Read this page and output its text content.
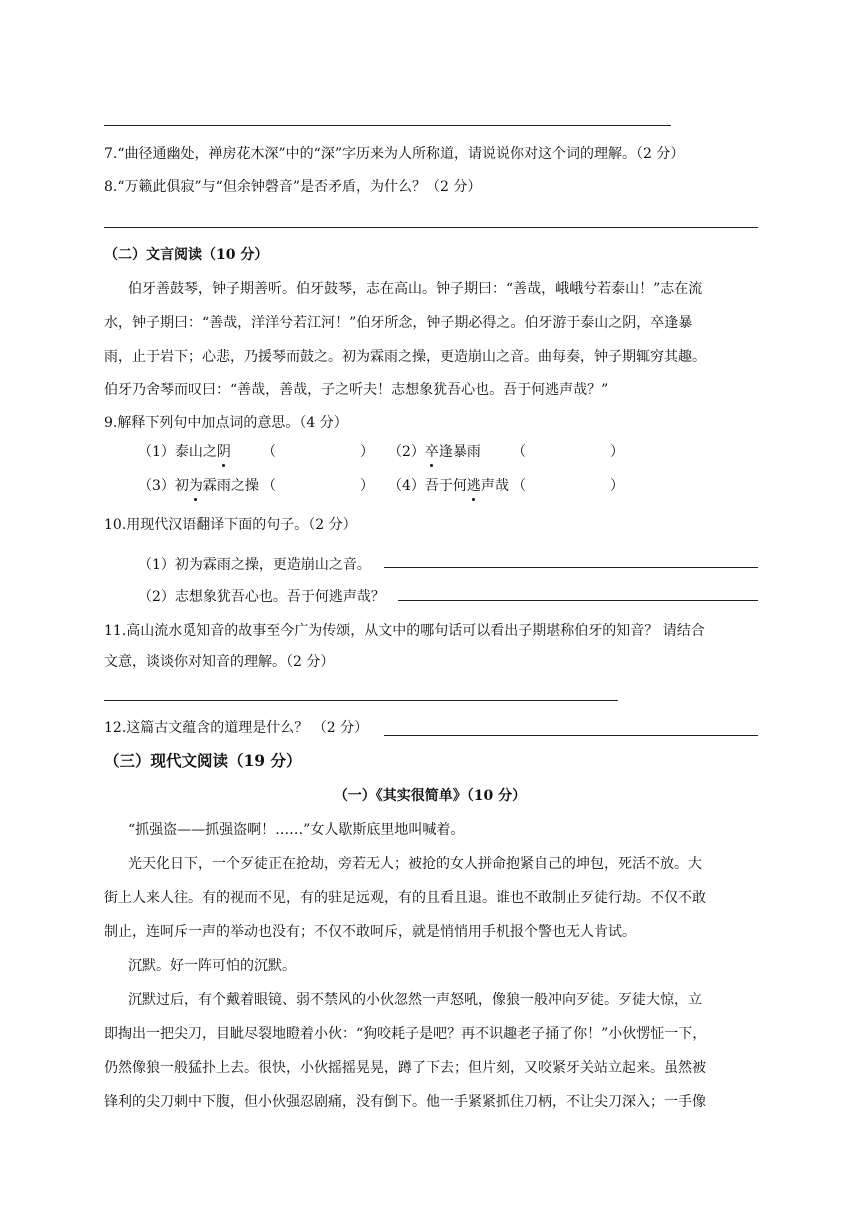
7.“曲径通幽处，禅房花木深”中的“深”字历来为人所称道，请说说你对这个词的理解。（2 分）
8.“万籁此俱寂”与“但余钟磬音”是否矛盾，为什么？（2 分）
（二）文言阅读（10 分）
伯牙善鼓琴，钟子期善听。伯牙鼓琴，志在高山。钟子期曰：“善哉，峨峨兮若泰山！”志在流
水，钟子期曰：“善哉，洋洋兮若江河！”伯牙所念，钟子期必得之。伯牙游于泰山之阴，卒逢暴
雨，止于岩下；心悲，乃援琴而鼓之。初为霖雨之操，更造崩山之音。曲每奏，钟子期辄穷其趣。
伯牙乃舍琴而叹曰：“善哉，善哉，子之听夫！志想象犹吾心也。吾于何逃声哉？”
9.解释下列句中加点词的意思。（4 分）
（1）泰山之阴 （　　　　　　） （2）卒逢暴雨 （　　　　　　）
（3）初为霖雨之操 （　　　　　　） （4）吾于何逃声哉 （　　　　　　）
10.用现代汉语翻译下面的句子。（2 分）
（1）初为霖雨之操，更造崩山之音。
（2）志想象犹吾心也。吾于何逃声哉？
11.高山流水觅知音的故事至今广为传颂，从文中的哪句话可以看出子期堪称伯牙的知音？ 请结合
文意，谈谈你对知音的理解。（2 分）
12.这篇古文蕴含的道理是什么？ （2 分）
（三）现代文阅读（19 分）
（一）《其实很简单》（10 分）
“抓强盗——抓强盗啊！……”女人歇斯底里地叫喊着。
光天化日下，一个歹徒正在抢劫，旁若无人；被抢的女人拼命抱紧自己的坤包，死活不放。大
街上人来人往。有的视而不见，有的驻足远观，有的且看且退。谁也不敢制止歹徒行劫。不仅不敢
制止，连呵斥一声的举动也没有；不仅不敢呵斥，就是悄悄用手机报个警也无人肯试。
沉默。好一阵可怕的沉默。
沉默过后，有个戴着眼镜、弱不禁风的小伙忽然一声怒吼，像狼一般冲向歹徒。歹徒大惊，立
即掏出一把尖刀，目眦尽裂地瞪着小伙：“狗咬耗子是吧？再不识趣老子捅了你！”小伙愣怔一下，
仍然像狼一般猛扑上去。很快，小伙摇摇晃晃，蹲了下去；但片刻，又咬紧牙关站立起来。虽然被
锋利的尖刀刺中下腹，但小伙强忍剧痛，没有倒下。他一手紧紧抓住刀柄，不让尖刀深入；一手像
